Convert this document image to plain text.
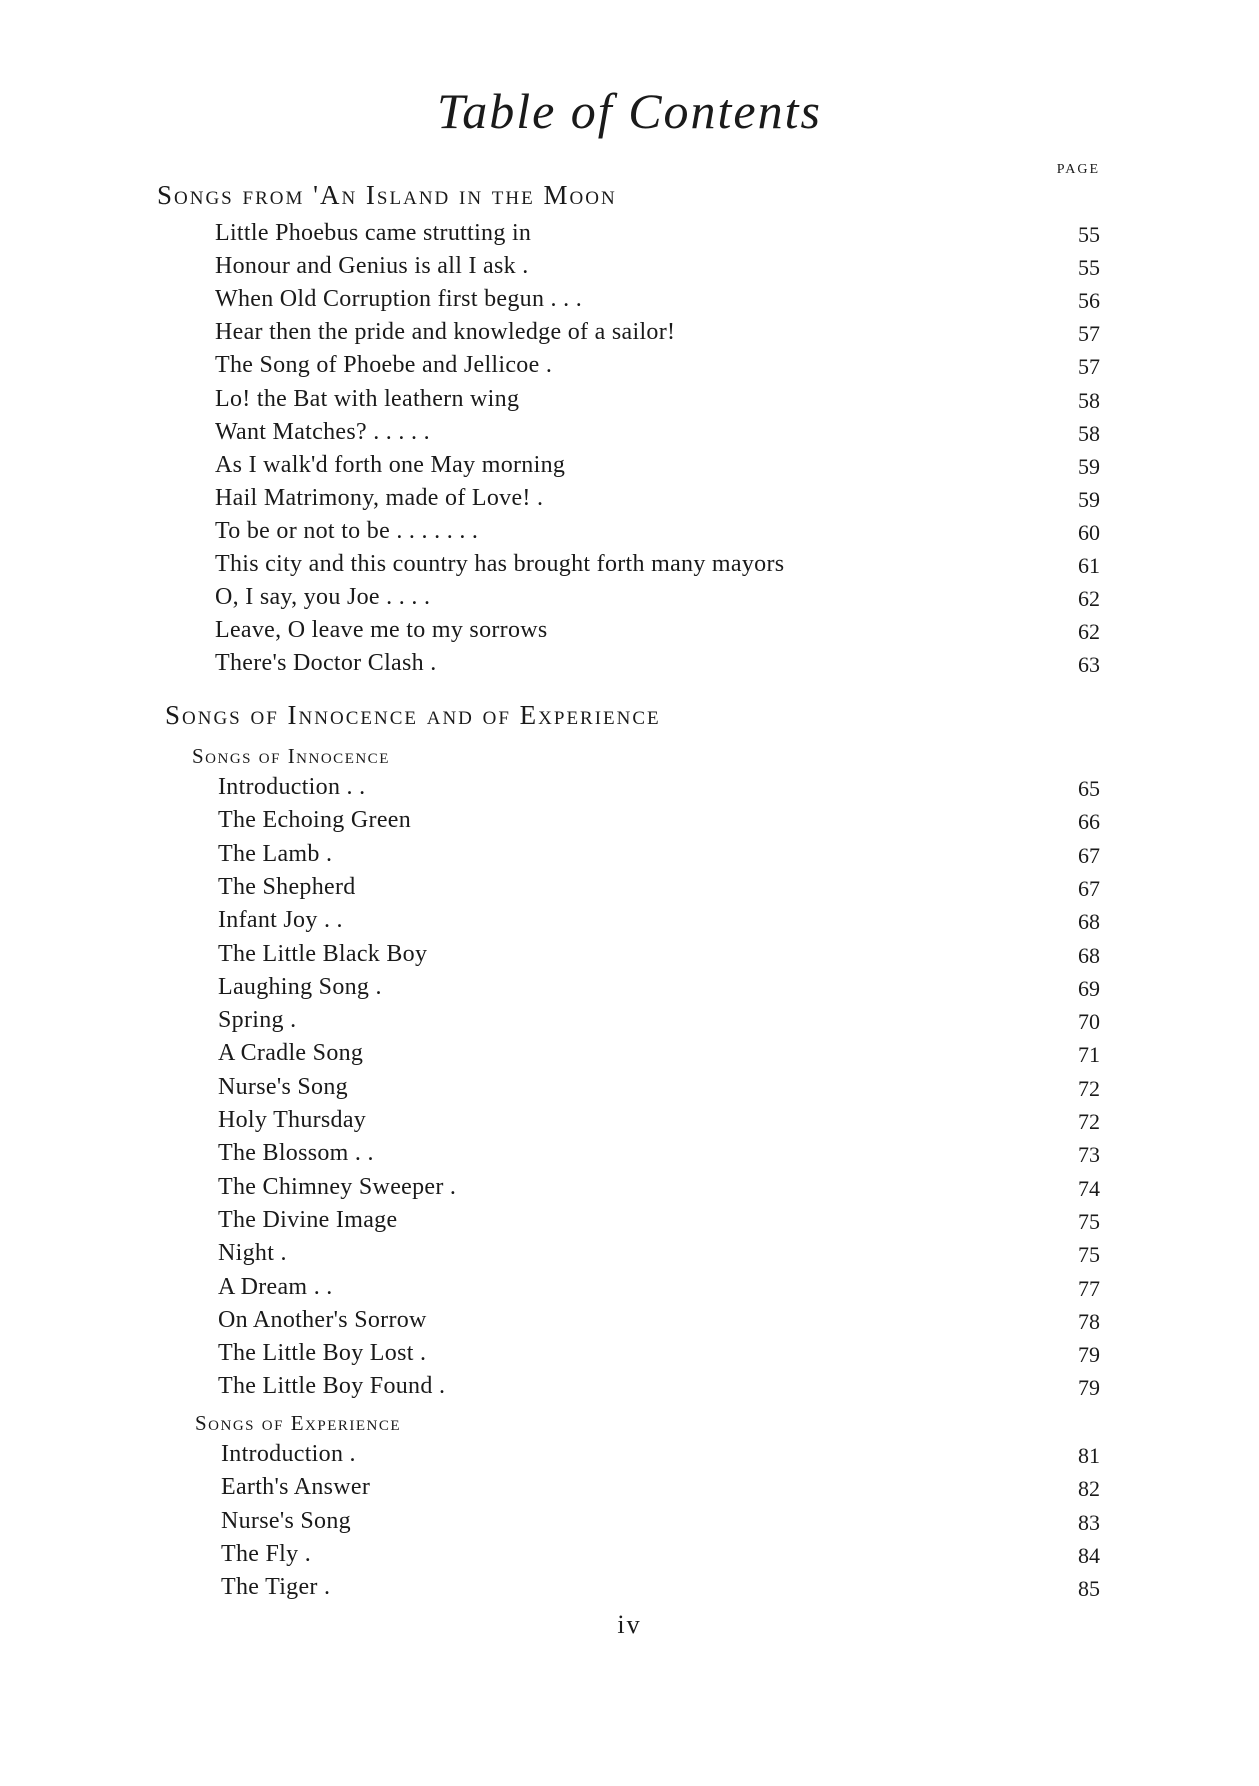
Table of Contents
PAGE
Songs from 'An Island in the Moon
Little Phoebus came strutting in	55
Honour and Genius is all I ask .	55
When Old Corruption first begun . . .	56
Hear then the pride and knowledge of a sailor!	57
The Song of Phoebe and Jellicoe .	57
Lo! the Bat with leathern wing	58
Want Matches? . . . . .	58
As I walk'd forth one May morning	59
Hail Matrimony, made of Love! .	59
To be or not to be . . . . . . .	60
This city and this country has brought forth many mayors	61
O, I say, you Joe . . . .	62
Leave, O leave me to my sorrows	62
There's Doctor Clash .	63
Songs of Innocence and of Experience
Songs of Innocence
Introduction . .	65
The Echoing Green	66
The Lamb .	67
The Shepherd	67
Infant Joy . .	68
The Little Black Boy	68
Laughing Song .	69
Spring .	70
A Cradle Song	71
Nurse's Song	72
Holy Thursday	72
The Blossom . .	73
The Chimney Sweeper .	74
The Divine Image	75
Night .	75
A Dream . .	77
On Another's Sorrow	78
The Little Boy Lost .	79
The Little Boy Found .	79
Songs of Experience
Introduction .	81
Earth's Answer	82
Nurse's Song	83
The Fly .	84
The Tiger .	85
iv
